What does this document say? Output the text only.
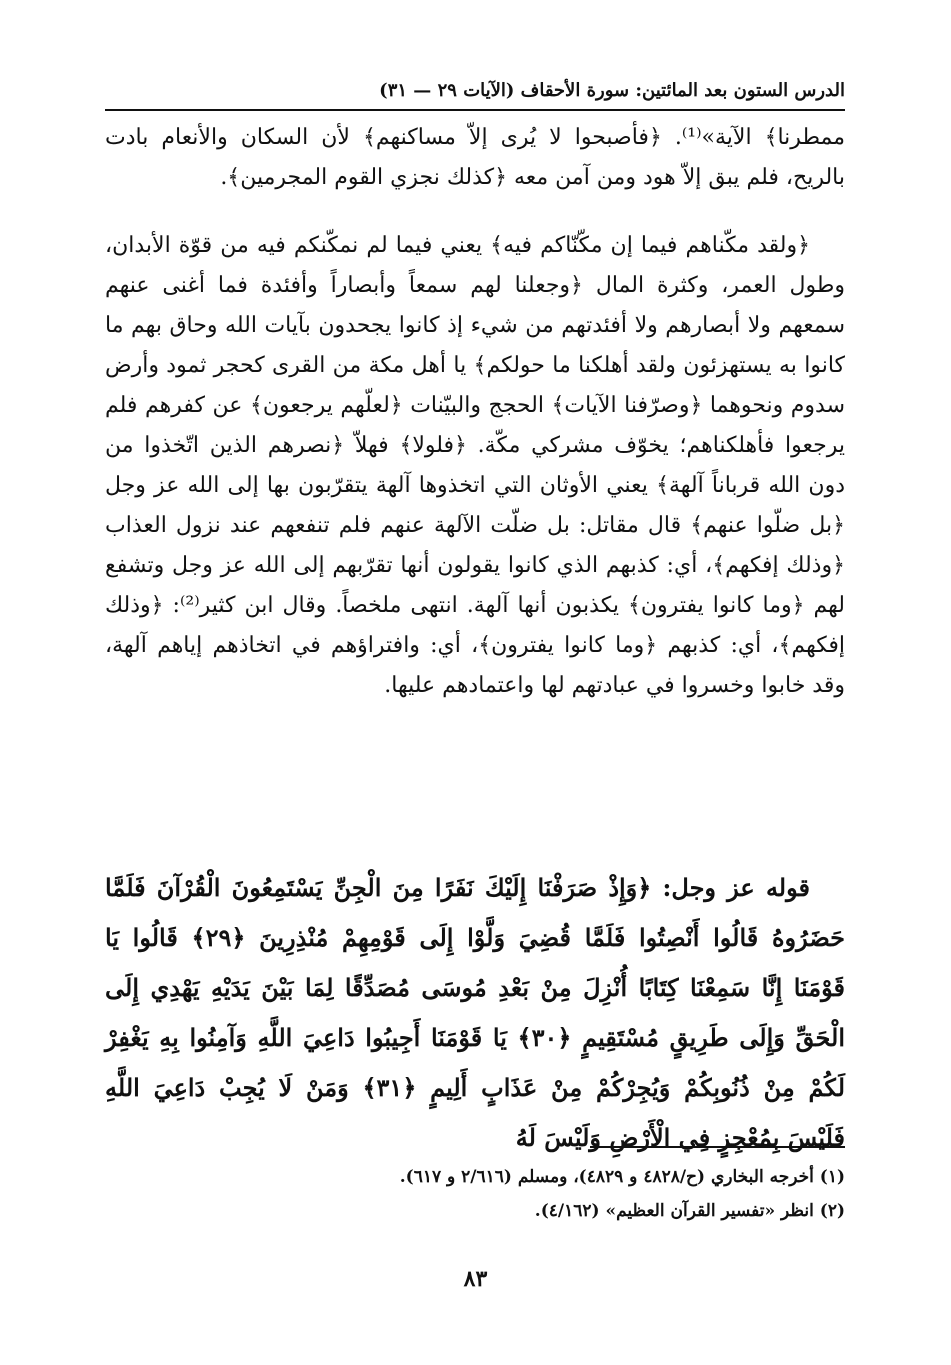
الدرس الستون بعد المائتين: سورة الأحقاف (الآيات ٢٩ — ٣١)

ممطرنا﴾ الآية»⁽¹⁾. ﴿فأصبحوا لا يُرى إلاّ مساكنهم﴾ لأن السكان والأنعام بادت بالريح، فلم يبق إلاّ هود ومن آمن معه ﴿كذلك نجزي القوم المجرمين﴾.

﴿ولقد مكّناهم فيما إن مكّنّاكم فيه﴾ يعني فيما لم نمكّنكم فيه من قوّة الأبدان، وطول العمر، وكثرة المال ﴿وجعلنا لهم سمعاً وأبصاراً وأفئدة فما أغنى عنهم سمعهم ولا أبصارهم ولا أفئدتهم من شيء إذ كانوا يجحدون بآيات الله وحاق بهم ما كانوا به يستهزئون ولقد أهلكنا ما حولكم﴾ يا أهل مكة من القرى كحجر ثمود وأرض سدوم ونحوهما ﴿وصرّفنا الآيات﴾ الحجج والبيّنات ﴿لعلّهم يرجعون﴾ عن كفرهم فلم يرجعوا فأهلكناهم؛ يخوّف مشركي مكّة. ﴿فلولا﴾ فهلاّ ﴿نصرهم الذين اتّخذوا من دون الله قرباناً آلهة﴾ يعني الأوثان التي اتخذوها آلهة يتقرّبون بها إلى الله عز وجل ﴿بل ضلّوا عنهم﴾ قال مقاتل: بل ضلّت الآلهة عنهم فلم تنفعهم عند نزول العذاب ﴿وذلك إفكهم﴾، أي: كذبهم الذي كانوا يقولون أنها تقرّبهم إلى الله عز وجل وتشفع لهم ﴿وما كانوا يفترون﴾ يكذبون أنها آلهة. انتهى ملخصاً. وقال ابن كثير⁽²⁾: ﴿وذلك إفكهم﴾، أي: كذبهم ﴿وما كانوا يفترون﴾، أي: وافتراؤهم في اتخاذهم إياهم آلهة، وقد خابوا وخسروا في عبادتهم لها واعتمادهم عليها.

قوله عز وجل: ﴿وَإِذْ صَرَفْنَا إِلَيْكَ نَفَرًا مِنَ الْجِنِّ يَسْتَمِعُونَ الْقُرْآنَ فَلَمَّا حَضَرُوهُ قَالُوا أَنْصِتُوا فَلَمَّا قُضِيَ وَلَّوْا إِلَى قَوْمِهِمْ مُنْذِرِينَ ﴿٢٩﴾ قَالُوا يَا قَوْمَنَا إِنَّا سَمِعْنَا كِتَابًا أُنْزِلَ مِنْ بَعْدِ مُوسَى مُصَدِّقًا لِمَا بَيْنَ يَدَيْهِ يَهْدِي إِلَى الْحَقِّ وَإِلَى طَرِيقٍ مُسْتَقِيمٍ ﴿٣٠﴾ يَا قَوْمَنَا أَجِيبُوا دَاعِيَ اللَّهِ وَآمِنُوا بِهِ يَغْفِرْ لَكُمْ مِنْ ذُنُوبِكُمْ وَيُجِرْكُمْ مِنْ عَذَابٍ أَلِيمٍ ﴿٣١﴾ وَمَنْ لَا يُجِبْ دَاعِيَ اللَّهِ فَلَيْسَ بِمُعْجِزٍ فِي الْأَرْضِ وَلَيْسَ لَهُ

(١) أخرجه البخاري (ح/٤٨٢٨ و ٤٨٢٩)، ومسلم (٢/٦١٦ و ٦١٧).

(٢) انظر «تفسير القرآن العظيم» (٤/١٦٢).

٨٣
